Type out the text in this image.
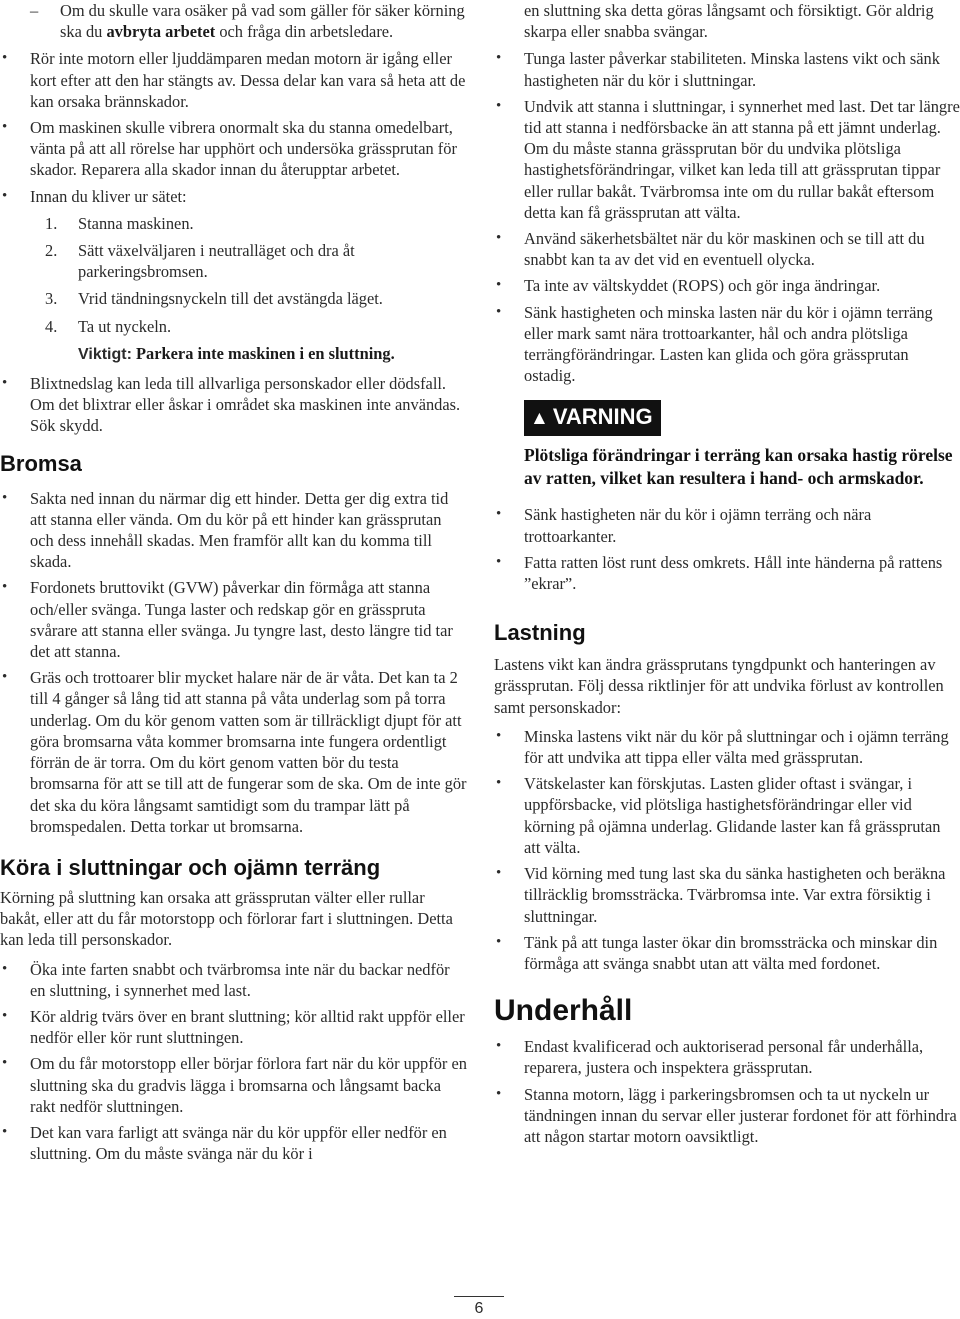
– Om du skulle vara osäker på vad som gäller för säker körning ska du avbryta arbetet och fråga din arbetsledare.
• Rör inte motorn eller ljuddämparen medan motorn är igång eller kort efter att den har stängts av. Dessa delar kan vara så heta att de kan orsaka brännskador.
• Om maskinen skulle vibrera onormalt ska du stanna omedelbart, vänta på att all rörelse har upphört och undersöka grässprutan för skador. Reparera alla skador innan du återupptar arbetet.
• Innan du kliver ur sätet:
1.	Stanna maskinen.
2.	Sätt växelväljaren i neutralläget och dra åt parkeringsbromsen.
3.	Vrid tändningsnyckeln till det avstängda läget.
4.	Ta ut nyckeln.
Viktigt: Parkera inte maskinen i en sluttning.
• Blixtnedslag kan leda till allvarliga personskador eller dödsfall. Om det blixtrar eller åskar i området ska maskinen inte användas. Sök skydd.
Bromsa
• Sakta ned innan du närmar dig ett hinder. Detta ger dig extra tid att stanna eller vända. Om du kör på ett hinder kan grässprutan och dess innehåll skadas. Men framför allt kan du komma till skada.
• Fordonets bruttovikt (GVW) påverkar din förmåga att stanna och/eller svänga. Tunga laster och redskap gör en grässpruta svårare att stanna eller svänga. Ju tyngre last, desto längre tid tar det att stanna.
• Gräs och trottoarer blir mycket halare när de är våta. Det kan ta 2 till 4 gånger så lång tid att stanna på våta underlag som på torra underlag. Om du kör genom vatten som är tillräckligt djupt för att göra bromsarna våta kommer bromsarna inte fungera ordentligt förrän de är torra. Om du kört genom vatten bör du testa bromsarna för att se till att de fungerar som de ska. Om de inte gör det ska du köra långsamt samtidigt som du trampar lätt på bromspedalen. Detta torkar ut bromsarna.
Köra i sluttningar och ojämn terräng

Körning på sluttning kan orsaka att grässprutan välter eller rullar bakåt, eller att du får motorstopp och förlorar fart i sluttningen. Detta kan leda till personskador.

• Öka inte farten snabbt och tvärbromsa inte när du backar nedför en sluttning, i synnerhet med last.
• Kör aldrig tvärs över en brant sluttning; kör alltid rakt uppför eller nedför eller kör runt sluttningen.
• Om du får motorstopp eller börjar förlora fart när du kör uppför en sluttning ska du gradvis lägga i bromsarna och långsamt backa rakt nedför sluttningen.
• Det kan vara farligt att svänga när du kör uppför eller nedför en sluttning. Om du måste svänga när du kör i

en sluttning ska detta göras långsamt och försiktigt. Gör aldrig skarpa eller snabba svängar.

• Tunga laster påverkar stabiliteten. Minska lastens vikt och sänk hastigheten när du kör i sluttningar.
• Undvik att stanna i sluttningar, i synnerhet med last. Det tar längre tid att stanna i nedförsbacke än att stanna på ett jämnt underlag. Om du måste stanna grässprutan bör du undvika plötsliga hastighetsförändringar, vilket kan leda till att grässprutan tippar eller rullar bakåt. Tvärbromsa inte om du rullar bakåt eftersom detta kan få grässprutan att välta.
• Använd säkerhetsbältet när du kör maskinen och se till att du snabbt kan ta av det vid en eventuell olycka.
• Ta inte av vältskyddet (ROPS) och gör inga ändringar.
• Sänk hastigheten och minska lasten när du kör i ojämn terräng eller mark samt nära trottoarkanter, hål och andra plötsliga terrängförändringar. Lasten kan glida och göra grässprutan ostadig.
▲ VARNING
Plötsliga förändringar i terräng kan orsaka hastig rörelse av ratten, vilket kan resultera i hand- och armskador.
• Sänk hastigheten när du kör i ojämn terräng och nära trottoarkanter.
• Fatta ratten löst runt dess omkrets. Håll inte händerna på rattens ”ekrar”.
Lastning

Lastens vikt kan ändra grässprutans tyngdpunkt och hanteringen av grässprutan. Följ dessa riktlinjer för att undvika förlust av kontrollen samt personskador:

• Minska lastens vikt när du kör på sluttningar och i ojämn terräng för att undvika att tippa eller välta med grässprutan.
• Vätskelaster kan förskjutas. Lasten glider oftast i svängar, i uppförsbacke, vid plötsliga hastighetsförändringar eller vid körning på ojämna underlag. Glidande laster kan få grässprutan att välta.
• Vid körning med tung last ska du sänka hastigheten och beräkna tillräcklig bromssträcka. Tvärbromsa inte. Var extra försiktig i sluttningar.
• Tänk på att tunga laster ökar din bromssträcka och minskar din förmåga att svänga snabbt utan att välta med fordonet.
Underhåll
• Endast kvalificerad och auktoriserad personal får underhålla, reparera, justera och inspektera grässprutan.
• Stanna motorn, lägg i parkeringsbromsen och ta ut nyckeln ur tändningen innan du servar eller justerar fordonet för att förhindra att någon startar motorn oavsiktligt.
6
